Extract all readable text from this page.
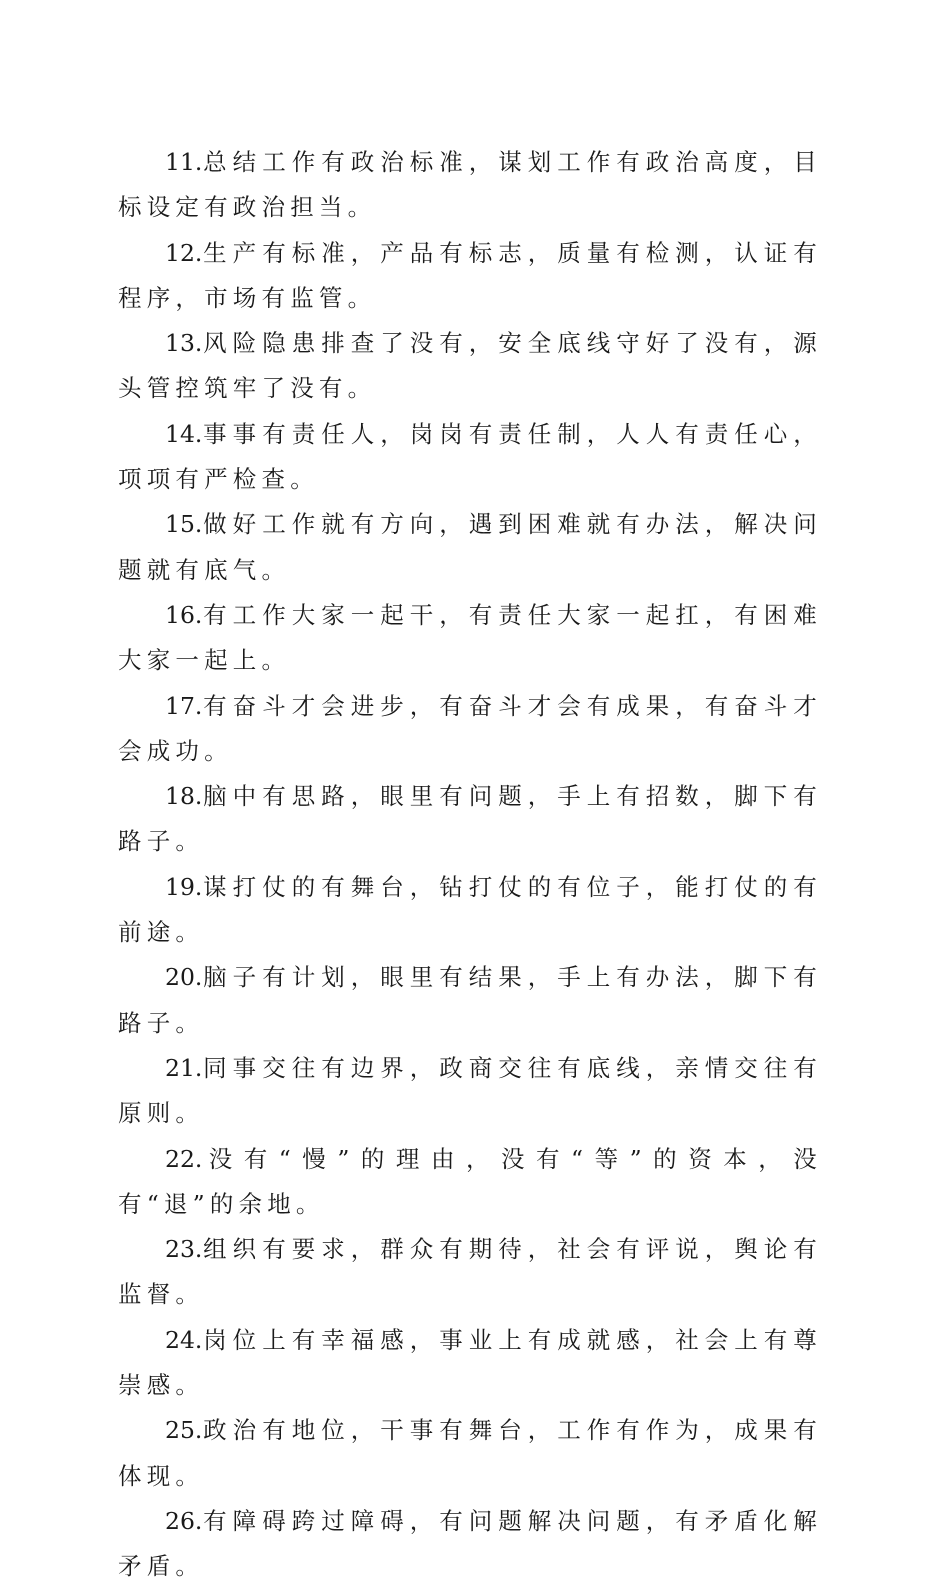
11.总结工作有政治标准，谋划工作有政治高度，目标设定有政治担当。

12.生产有标准，产品有标志，质量有检测，认证有程序，市场有监管。

13.风险隐患排查了没有，安全底线守好了没有，源头管控筑牢了没有。

14.事事有责任人，岗岗有责任制，人人有责任心，项项有严检查。

15.做好工作就有方向，遇到困难就有办法，解决问题就有底气。

16.有工作大家一起干，有责任大家一起扛，有困难大家一起上。

17.有奋斗才会进步，有奋斗才会有成果，有奋斗才会成功。

18.脑中有思路，眼里有问题，手上有招数，脚下有路子。

19.谋打仗的有舞台，钻打仗的有位子，能打仗的有前途。

20.脑子有计划，眼里有结果，手上有办法，脚下有路子。

21.同事交往有边界，政商交往有底线，亲情交往有原则。

22.没有“慢”的理由，没有“等”的资本，没有“退”的余地。

23.组织有要求，群众有期待，社会有评说，舆论有监督。

24.岗位上有幸福感，事业上有成就感，社会上有尊崇感。

25.政治有地位，干事有舞台，工作有作为，成果有体现。

26.有障碍跨过障碍，有问题解决问题，有矛盾化解矛盾。
